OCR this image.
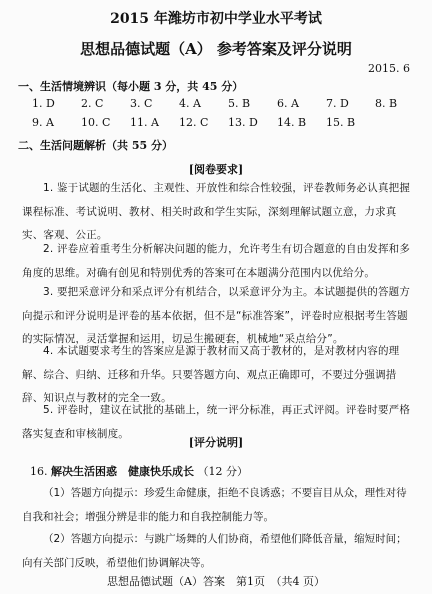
2015 年潍坊市初中学业水平考试
思想品德试题（A） 参考答案及评分说明
2015. 6
一、生活情境辨识（每小题 3 分，共 45 分）
1. D	2. C	3. C	4. A	5. B	6. A	7. D	8. B
9. A	10. C	11. A	12. C	13. D	14. B	15. B
二、生活问题解析（共 55 分）
[阅卷要求]
1. 鉴于试题的生活化、主观性、开放性和综合性较强，评卷教师务必认真把握课程标准、考试说明、教材、相关时政和学生实际，深刻理解试题立意，力求真实、客观、公正。
2. 评卷应着重考生分析解决问题的能力，允许考生有切合题意的自由发挥和多角度的思维。对确有创见和特别优秀的答案可在本题满分范围内以优给分。
3. 要把采意评分和采点评分有机结合，以采意评分为主。本试题提供的答题方向提示和评分说明是评卷的基本依据，但不是“标准答案”，评卷时应根据考生答题的实际情况，灵活掌握和运用，切忌生搬硬套，机械地“采点给分”。
4. 本试题要求考生的答案应是源于教材而又高于教材的，是对教材内容的理解、综合、归纳、迁移和升华。只要答题方向、观点正确即可，不要过分强调措辞、知识点与教材的完全一致。
5. 评卷时，建议在试批的基础上，统一评分标准，再正式评阅。评卷时要严格落实复查和审核制度。
[评分说明]
16. 解决生活困惑　健康快乐成长 （12 分）
（1）答题方向提示：珍爱生命健康，拒绝不良诱惑；不要盲目从众，理性对待自我和社会；增强分辨是非的能力和自我控制能力等。
（2）答题方向提示：与跳广场舞的人们协商，希望他们降低音量，缩短时间；向有关部门反映，希望他们协调解决等。
思想品德试题（A）答案　第1页　（共4 页）
